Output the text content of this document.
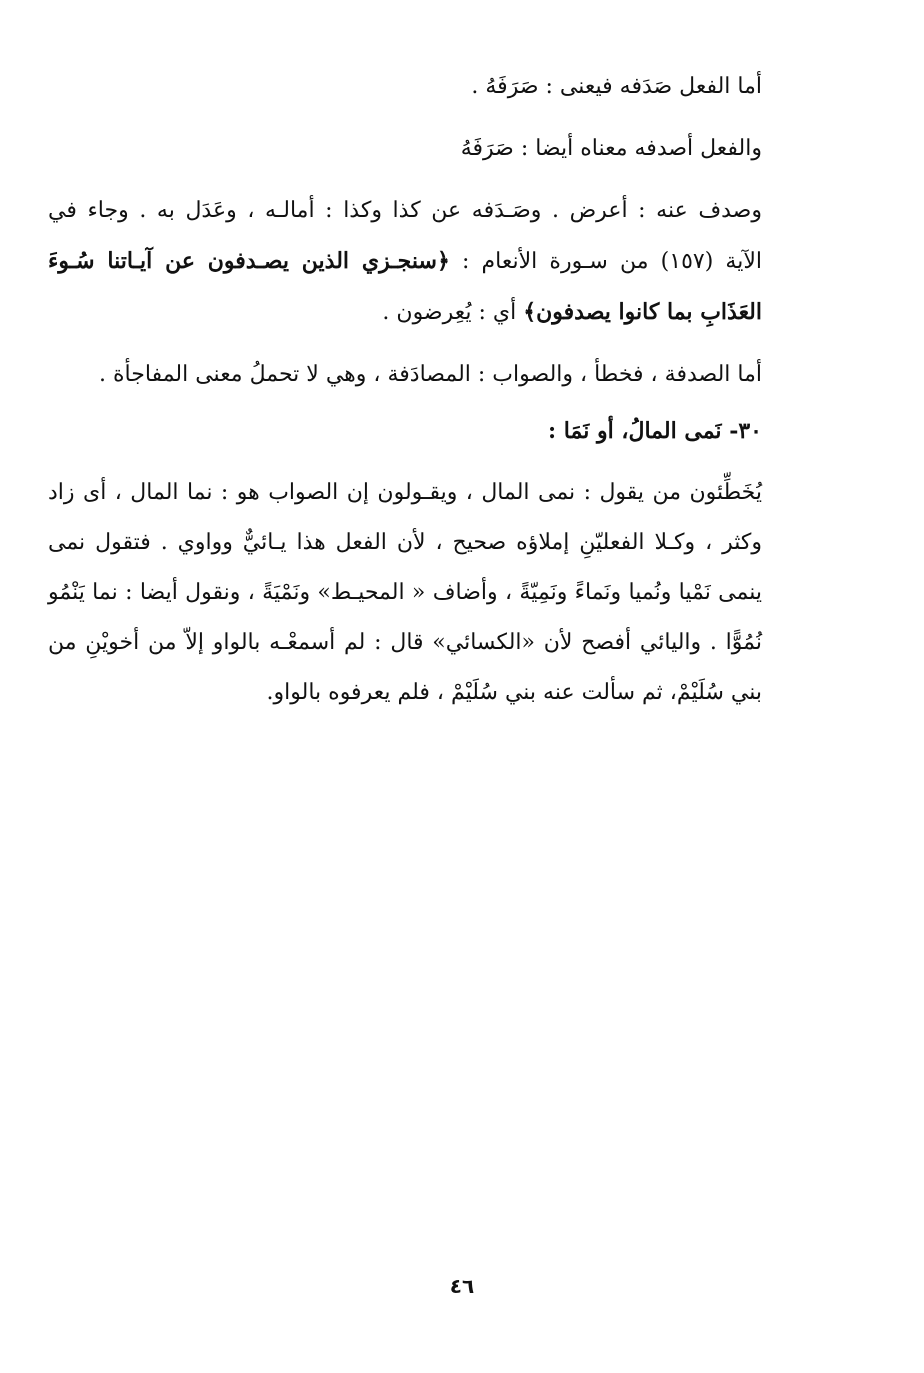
أما الفعل صَدَفه فيعنى : صَرَفَهُ .
والفعل أصدفه معناه أيضا : صَرَفَهُ
وصدف عنه : أعرض . وصَـدَفه عن كذا وكذا : أمالـه ، وعَدَل به . وجاء في
الآية (١٥٧) من سـورة الأنعام : ﴿سنجـزي الذين يصـدفون عن آيـاتنا سُـوءَ
العَذَابِ بما كانوا يصدفون﴾ أي : يُعِرضون .
أما الصدفة ، فخطأ ، والصواب : المصادَفة ، وهي لا تحملُ معنى المفاجأة .
٣٠- نَمى المالُ، أو نَمَا :
يُخَطِّئون من يقول : نمى المال ، ويقـولون إن الصواب هو : نما المال ، أى زاد
وكثر ، وكـلا الفعليّنِ إملاؤه صحيح ، لأن الفعل هذا يـائيٌّ وواوي . فتقول نمى
ينمى نَمْيا ونُميا ونَماءً ونَمِيّةً ، وأضاف « المحيـط» ونَمْيَةً ، ونقول أيضا : نما يَنْمُو
نُمُوًّا . واليائي أفصح لأن «الكسائي» قال : لم أسمعْـه بالواو إلاّ من أخويْنِ من
بني سُلَيْمْ، ثم سألت عنه بني سُلَيْمْ ، فلم يعرفوه بالواو.
٤٦
